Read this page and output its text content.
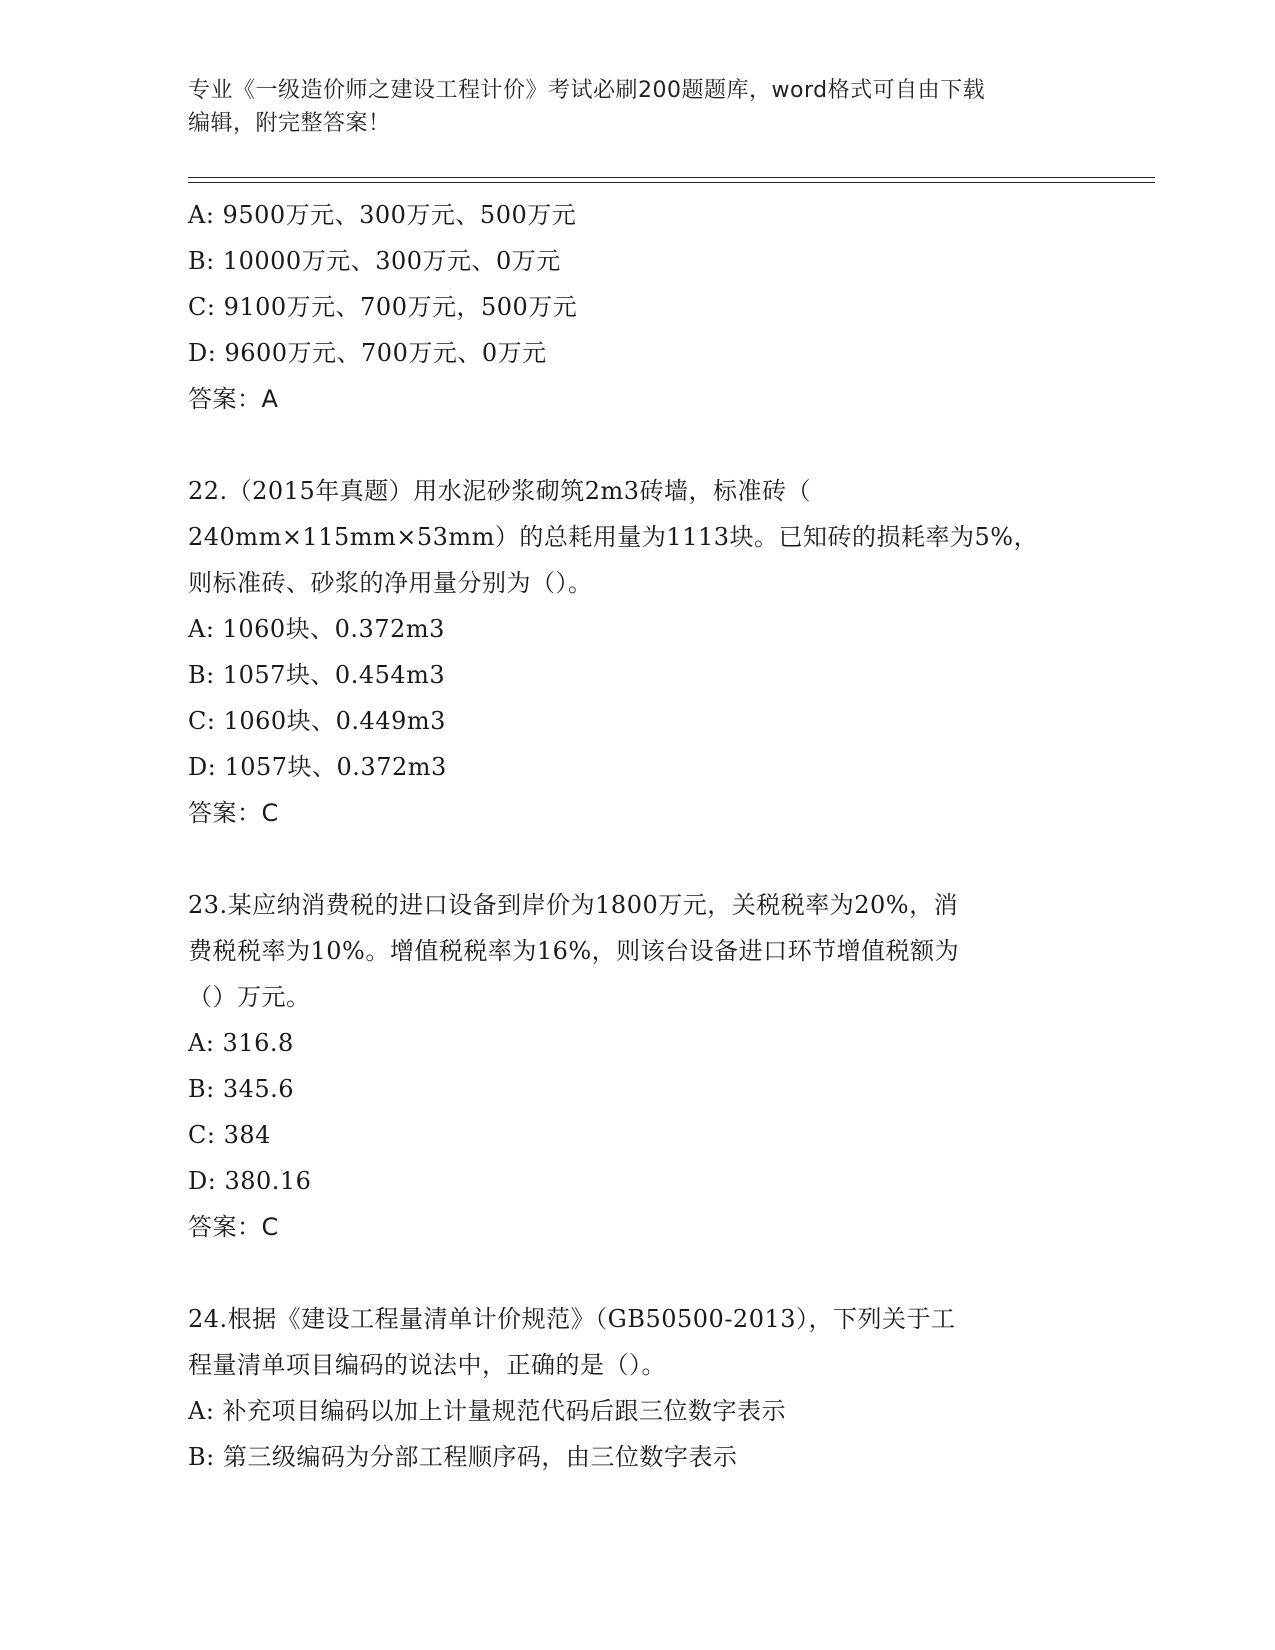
专业《一级造价师之建设工程计价》考试必刷200题题库，word格式可自由下载
编辑，附完整答案！
A: 9500万元、300万元、500万元
B: 10000万元、300万元、0万元
C: 9100万元、700万元，500万元
D: 9600万元、700万元、0万元
答案：A
22.（2015年真题）用水泥砂浆砌筑2m3砖墙，标准砖（
240mm×115mm×53mm）的总耗用量为1113块。已知砖的损耗率为5%，
则标准砖、砂浆的净用量分别为（）。
A: 1060块、0.372m3
B: 1057块、0.454m3
C: 1060块、0.449m3
D: 1057块、0.372m3
答案：C
23.某应纳消费税的进口设备到岸价为1800万元，关税税率为20%，消
费税税率为10%。增值税税率为16%，则该台设备进口环节增值税额为
（）万元。
A: 316.8
B: 345.6
C: 384
D: 380.16
答案：C
24.根据《建设工程量清单计价规范》（GB50500-2013），下列关于工
程量清单项目编码的说法中，正确的是（）。
A: 补充项目编码以加上计量规范代码后跟三位数字表示
B: 第三级编码为分部工程顺序码，由三位数字表示
